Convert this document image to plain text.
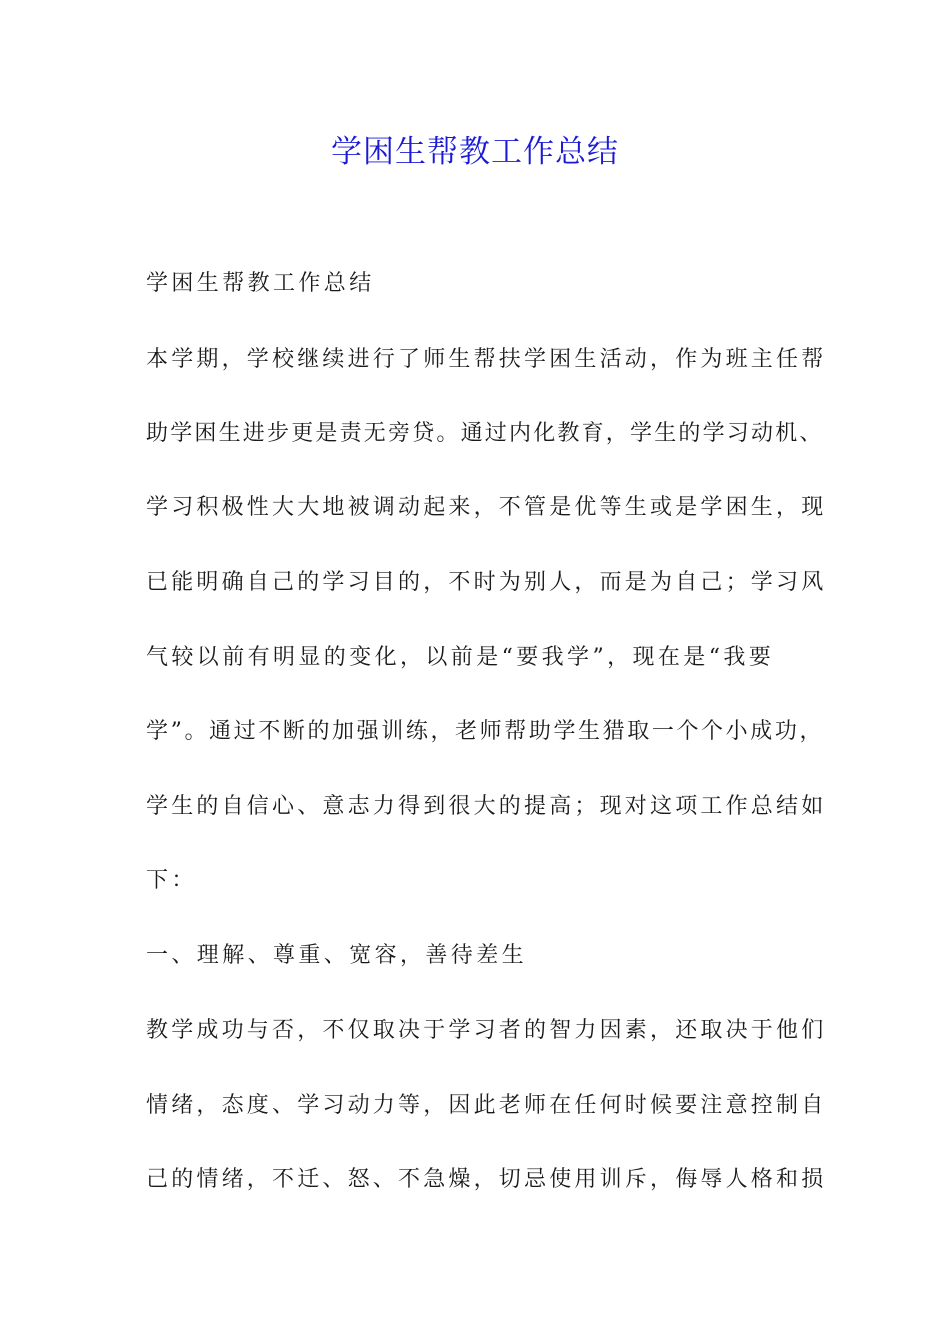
学困生帮教工作总结
学困生帮教工作总结
本学期，学校继续进行了师生帮扶学困生活动，作为班主任帮
助学困生进步更是责无旁贷。通过内化教育，学生的学习动机、
学习积极性大大地被调动起来，不管是优等生或是学困生，现
已能明确自己的学习目的，不时为别人，而是为自己；学习风
气较以前有明显的变化，以前是“要我学”，现在是“我要
学”。通过不断的加强训练，老师帮助学生猎取一个个小成功，
学生的自信心、意志力得到很大的提高；现对这项工作总结如
下：
一、理解、尊重、宽容，善待差生
教学成功与否，不仅取决于学习者的智力因素，还取决于他们
情绪，态度、学习动力等，因此老师在任何时候要注意控制自
己的情绪，不迁、怒、不急燥，切忌使用训斥，侮辱人格和损
